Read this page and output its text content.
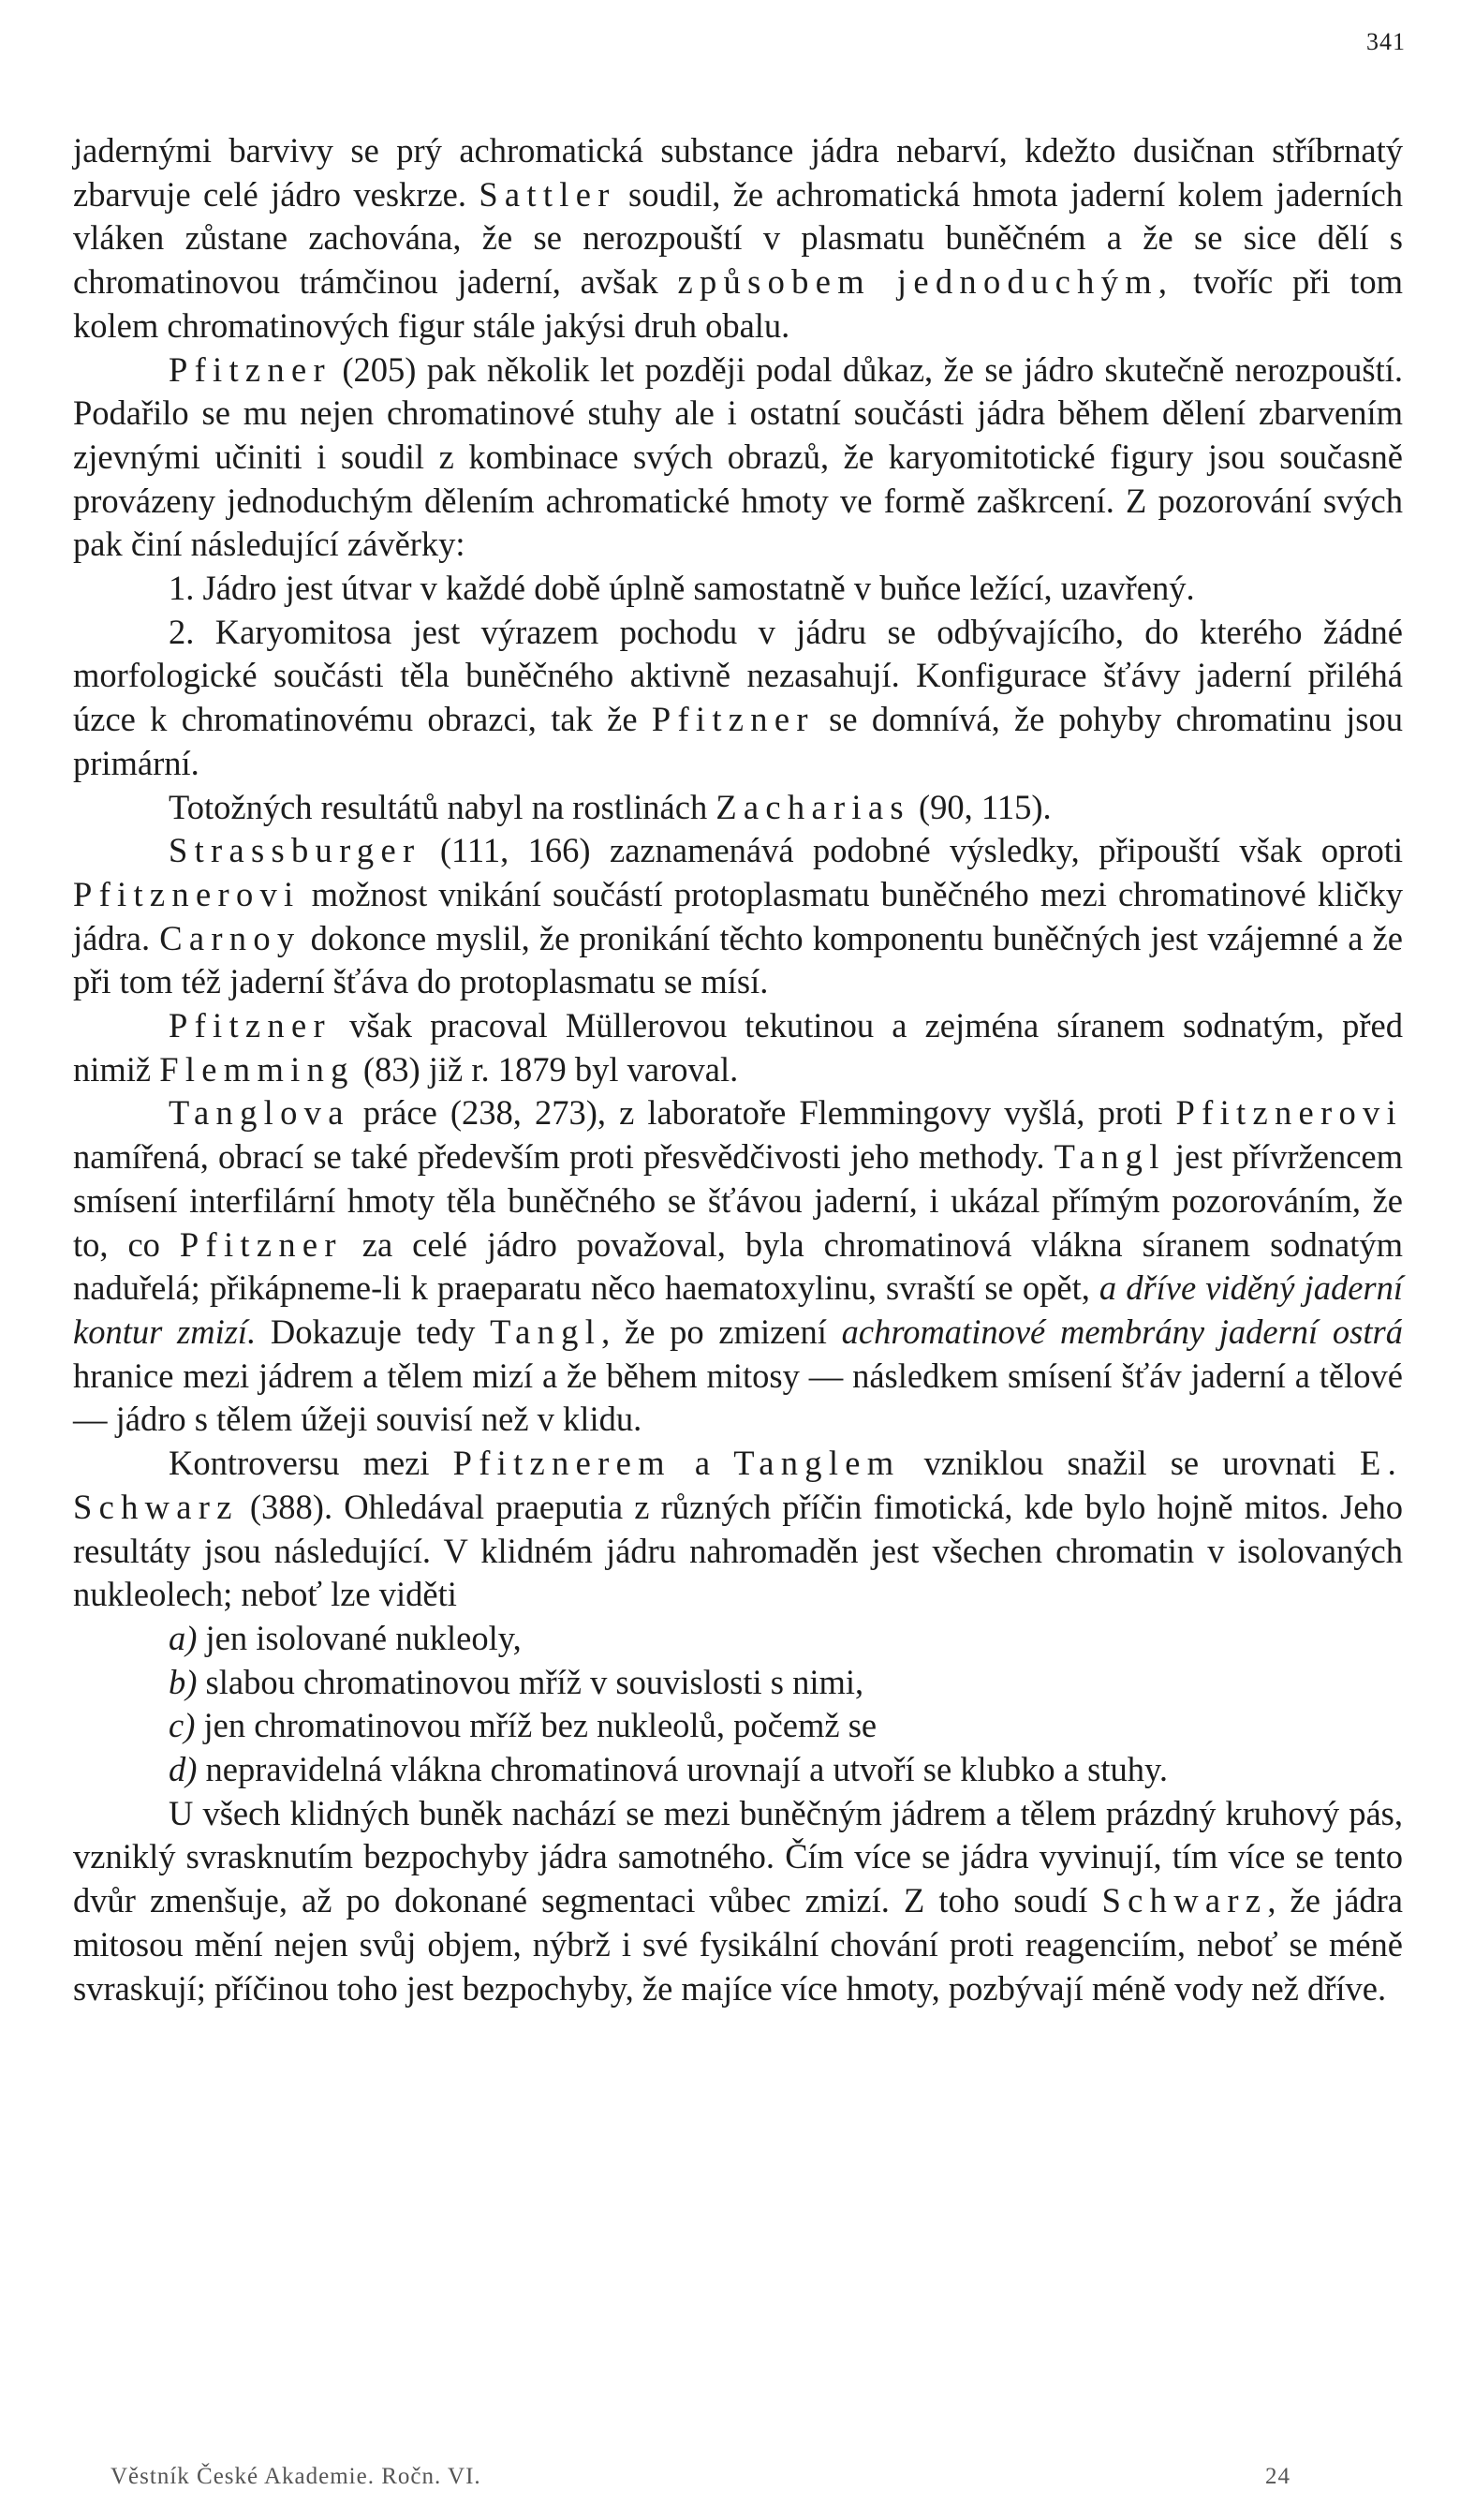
341

jadernými barvivy se prý achromatická substance jádra nebarví, kdežto dusičnan stříbrnatý zbarvuje celé jádro veskrze. Sattler soudil, že achromatická hmota jaderní kolem jaderních vláken zůstane zachována, že se nerozpouští v plasmatu buněčném a že se sice dělí s chromatinovou trámčinou jaderní, avšak způsobem jednoduchým, tvoříc při tom kolem chromatinových figur stále jakýsi druh obalu.

Pfitzner (205) pak několik let později podal důkaz, že se jádro skutečně nerozpouští. Podařilo se mu nejen chromatinové stuhy ale i ostatní součásti jádra během dělení zbarvením zjevnými učiniti i soudil z kombinace svých obrazů, že karyomitotické figury jsou současně provázeny jednoduchým dělením achromatické hmoty ve formě zaškrcení. Z pozorování svých pak činí následující závěrky:

1. Jádro jest útvar v každé době úplně samostatně v buňce ležící, uzavřený.

2. Karyomitosa jest výrazem pochodu v jádru se odbývajícího, do kterého žádné morfologické součásti těla buněčného aktivně nezasahují. Konfigurace šťávy jaderní přiléhá úzce k chromatinovému obrazci, tak že Pfitzner se domnívá, že pohyby chromatinu jsou primární.

Totožných resultátů nabyl na rostlinách Zacharias (90, 115).

Strassburger (111, 166) zaznamenává podobné výsledky, připouští však oproti Pfitznerovi možnost vnikání součástí protoplasmatu buněčného mezi chromatinové kličky jádra. Carnoy dokonce myslil, že pronikání těchto komponentu buněčných jest vzájemné a že při tom též jaderní šťáva do protoplasmatu se mísí.

Pfitzner však pracoval Müllerovou tekutinou a zejména síranem sodnatým, před nimiž Flemming (83) již r. 1879 byl varoval.

Tanglova práce (238, 273), z laboratoře Flemmingovy vyšlá, proti Pfitznerovi namířená, obrací se také především proti přesvědčivosti jeho methody. Tangl jest přívržencem smísení interfilární hmoty těla buněčného se šťávou jaderní, i ukázal přímým pozorováním, že to, co Pfitzner za celé jádro považoval, byla chromatinová vlákna síranem sodnatým naduřelá; přikápneme-li k praeparatu něco haematoxylinu, svraští se opět, a dříve viděný jaderní kontur zmizí. Dokazuje tedy Tangl, že po zmizení achromatinové membrány jaderní ostrá hranice mezi jádrem a tělem mizí a že během mitosy — následkem smísení šťáv jaderní a tělové — jádro s tělem úžeji souvisí než v klidu.

Kontroversu mezi Pfitznerem a Tanglem vzniklou snažil se urovnati E. Schwarz (388). Ohledával praeputia z různých příčin fimotická, kde bylo hojně mitos. Jeho resultáty jsou následující. V klidném jádru nahromaděn jest všechen chromatin v isolovaných nukleolech; neboť lze viděti

a) jen isolované nukleoly,

b) slabou chromatinovou mříž v souvislosti s nimi,

c) jen chromatinovou mříž bez nukleolů, počemž se

d) nepravidelná vlákna chromatinová urovnají a utvoří se klubko a stuhy.

U všech klidných buněk nachází se mezi buněčným jádrem a tělem prázdný kruhový pás, vzniklý svrasknutím bezpochyby jádra samotného. Čím více se jádra vyvinují, tím více se tento dvůr zmenšuje, až po dokonané segmentaci vůbec zmizí. Z toho soudí Schwarz, že jádra mitosou mění nejen svůj objem, nýbrž i své fysikální chování proti reagenciím, neboť se méně svraskují; příčinou toho jest bezpochyby, že majíce více hmoty, pozbývají méně vody než dříve.

Věstník České Akademie. Ročn. VI.	24
